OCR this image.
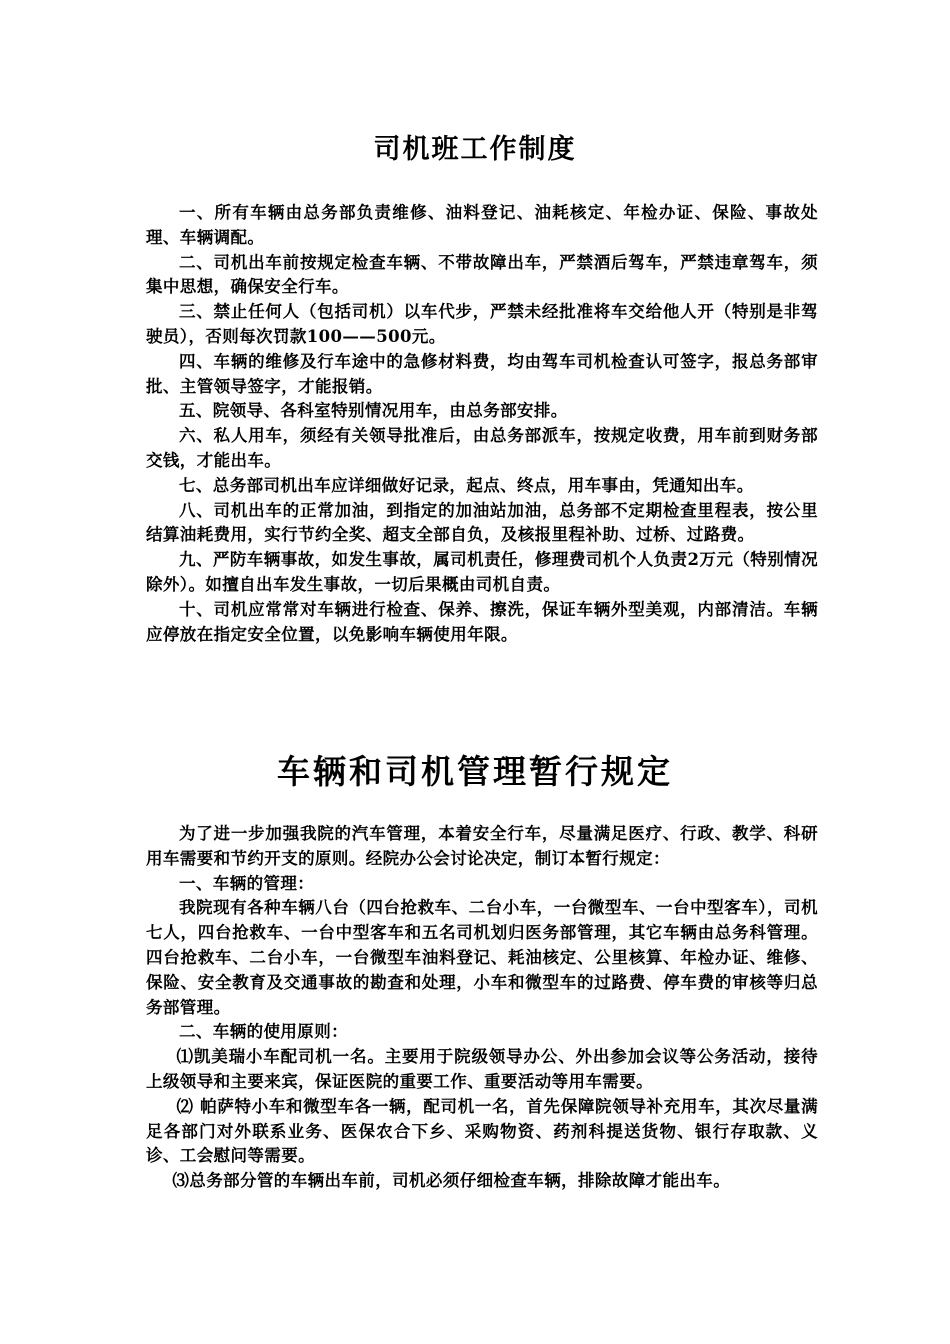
司机班工作制度

一、所有车辆由总务部负责维修、油料登记、油耗核定、年检办证、保险、事故处理、车辆调配。

二、司机出车前按规定检查车辆、不带故障出车，严禁酒后驾车，严禁违章驾车，须集中思想，确保安全行车。

三、禁止任何人（包括司机）以车代步，严禁未经批准将车交给他人开（特别是非驾驶员），否则每次罚款100——500元。

四、车辆的维修及行车途中的急修材料费，均由驾车司机检查认可签字，报总务部审批、主管领导签字，才能报销。

五、院领导、各科室特别情况用车，由总务部安排。

六、私人用车，须经有关领导批准后，由总务部派车，按规定收费，用车前到财务部交钱，才能出车。

七、总务部司机出车应详细做好记录，起点、终点，用车事由，凭通知出车。

八、司机出车的正常加油，到指定的加油站加油，总务部不定期检查里程表，按公里结算油耗费用，实行节约全奖、超支全部自负，及核报里程补助、过桥、过路费。

九、严防车辆事故，如发生事故，属司机责任，修理费司机个人负责2万元（特别情况除外）。如擅自出车发生事故，一切后果概由司机自责。

十、司机应常常对车辆进行检查、保养、擦洗，保证车辆外型美观，内部清洁。车辆应停放在指定安全位置，以免影响车辆使用年限。

车辆和司机管理暂行规定

为了进一步加强我院的汽车管理，本着安全行车，尽量满足医疗、行政、教学、科研用车需要和节约开支的原则。经院办公会讨论决定，制订本暂行规定：

一、车辆的管理：

我院现有各种车辆八台（四台抢救车、二台小车，一台微型车、一台中型客车），司机七人，四台抢救车、一台中型客车和五名司机划归医务部管理，其它车辆由总务科管理。四台抢救车、二台小车，一台微型车油料登记、耗油核定、公里核算、年检办证、维修、保险、安全教育及交通事故的勘查和处理，小车和微型车的过路费、停车费的审核等归总务部管理。

二、车辆的使用原则：

⑴凯美瑞小车配司机一名。主要用于院级领导办公、外出参加会议等公务活动，接待上级领导和主要来宾，保证医院的重要工作、重要活动等用车需要。

⑵ 帕萨特小车和微型车各一辆，配司机一名，首先保障院领导补充用车，其次尽量满足各部门对外联系业务、医保农合下乡、采购物资、药剂科提送货物、银行存取款、义诊、工会慰问等需要。

⑶总务部分管的车辆出车前，司机必须仔细检查车辆，排除故障才能出车。
